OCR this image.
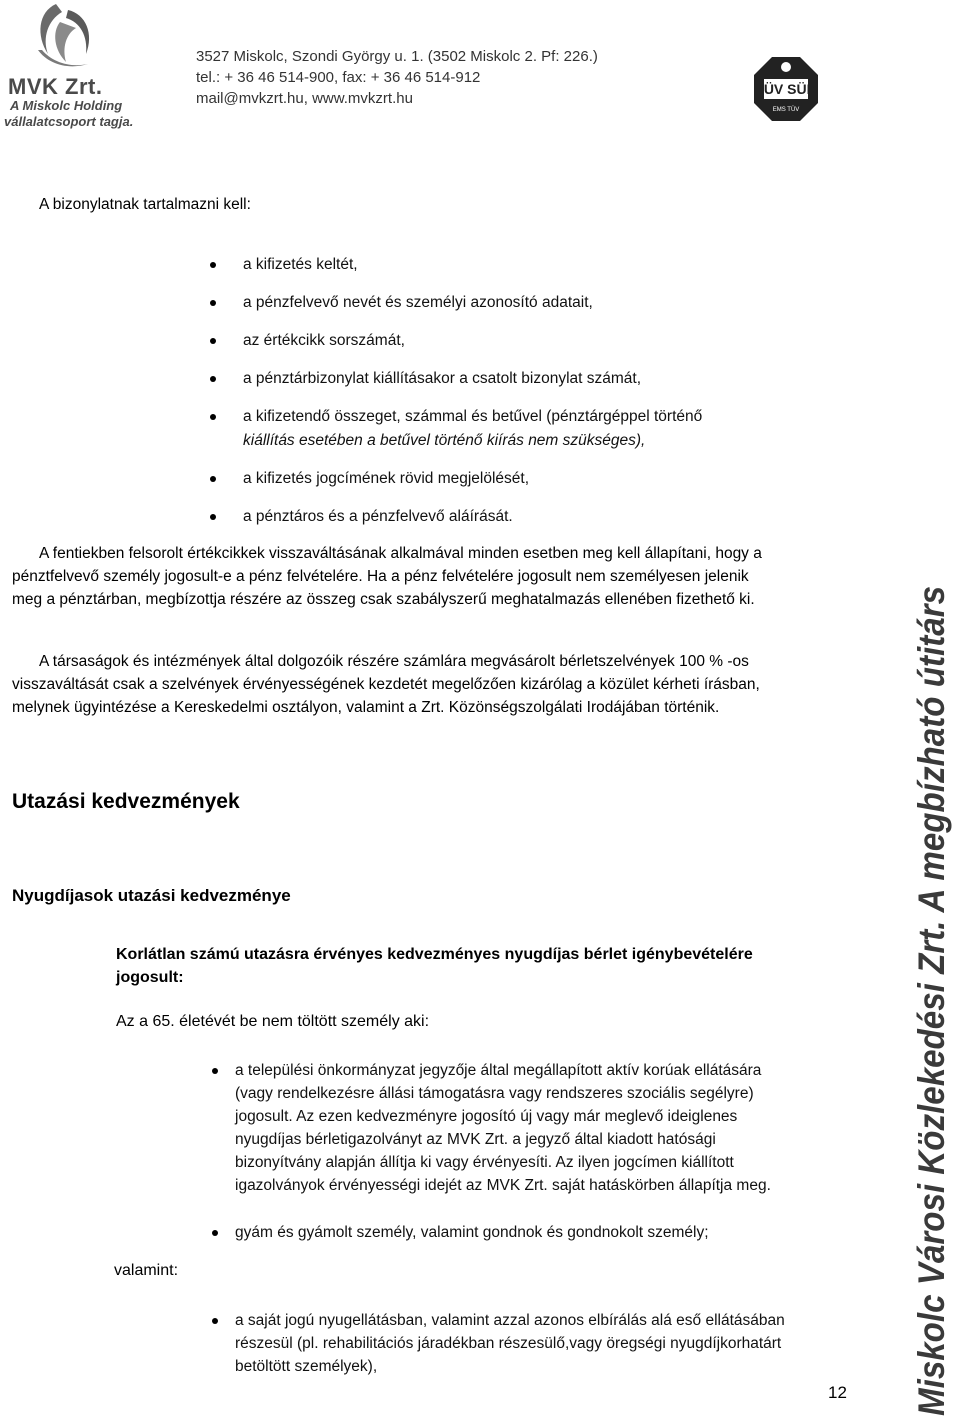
MVK Zrt.
A Miskolc Holding
vállalatcsoport tagja.
3527 Miskolc, Szondi György u. 1. (3502 Miskolc 2. Pf: 226.)
tel.: + 36 46 514-900, fax: + 36 46 514-912
mail@mvkzrt.hu, www.mvkzrt.hu
TÜV SÜD
EMS TÜV
A bizonylatnak tartalmazni kell:
a kifizetés keltét,
a pénzfelvevő nevét és személyi azonosító adatait,
az értékcikk sorszámát,
a pénztárbizonylat kiállításakor a csatolt bizonylat számát,
a kifizetendő összeget, számmal és betűvel (pénztárgéppel történő
kiállítás esetében a betűvel történő kiírás nem szükséges),
a kifizetés jogcímének rövid megjelölését,
a pénztáros és a pénzfelvevő aláírását.
A fentiekben felsorolt értékcikkek visszaváltásának alkalmával minden esetben meg kell állapítani, hogy a
pénztfelvevő személy jogosult-e a pénz felvételére. Ha a pénz felvételére jogosult nem személyesen jelenik
meg a pénztárban, megbízottja részére az összeg csak szabályszerű meghatalmazás ellenében fizethető ki.
A társaságok és intézmények által dolgozóik részére számlára megvásárolt bérletszelvények 100 % -os
visszaváltását csak a szelvények érvényességének kezdetét megelőzően kizárólag a közület kérheti írásban,
melynek ügyintézése a Kereskedelmi osztályon, valamint a Zrt. Közönségszolgálati Irodájában történik.
Utazási kedvezmények
Nyugdíjasok utazási kedvezménye
Korlátlan számú utazásra érvényes kedvezményes nyugdíjas bérlet igénybevételére
jogosult:
Az a 65. életévét be nem töltött személy aki:
a települési önkormányzat jegyzője által megállapított aktív korúak ellátására
(vagy rendelkezésre állási támogatásra vagy rendszeres szociális segélyre)
jogosult. Az ezen kedvezményre jogosító új vagy már meglevő ideiglenes
nyugdíjas bérletigazolványt az MVK Zrt. a jegyző által kiadott hatósági
bizonyítvány alapján állítja ki vagy érvényesíti. Az ilyen jogcímen kiállított
igazolványok érvényességi idejét az MVK Zrt. saját hatáskörben állapítja meg.
gyám és gyámolt személy, valamint gondnok és gondnokolt személy;
a saját jogú nyugellátásban, valamint azzal azonos elbírálás alá eső ellátásában
részesül (pl. rehabilitációs járadékban részesülő,vagy öregségi nyugdíjkorhatárt
betöltött személyek),
valamint:
12 Miskolc Városi Közlekedési Zrt. A megbízható útitárs
